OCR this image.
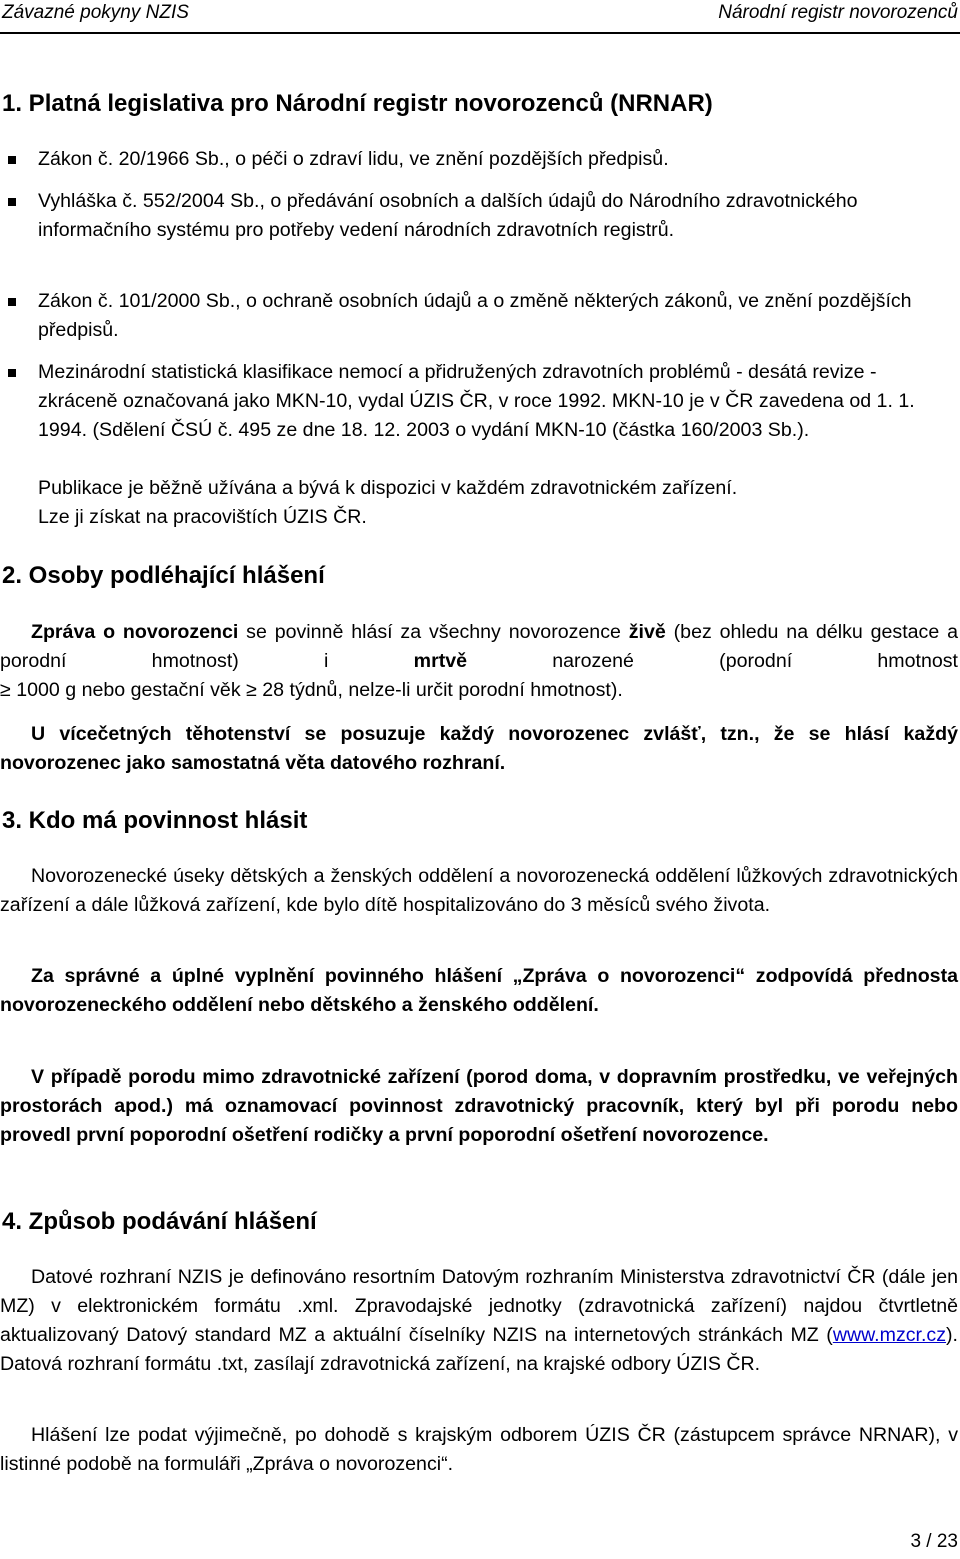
Závazné pokyny NZIS	Národní registr novorozenců
1. Platná legislativa pro Národní registr novorozenců (NRNAR)
Zákon č. 20/1966 Sb., o péči o zdraví lidu, ve znění pozdějších předpisů.
Vyhláška č. 552/2004 Sb., o předávání osobních a dalších údajů do Národního zdravotnického informačního systému pro potřeby vedení národních zdravotních registrů.
Zákon č. 101/2000 Sb., o ochraně osobních údajů a o změně některých zákonů, ve znění pozdějších předpisů.
Mezinárodní statistická klasifikace nemocí a přidružených zdravotních problémů - desátá revize - zkráceně označovaná jako MKN-10, vydal ÚZIS ČR, v roce 1992. MKN-10 je v ČR zavedena od 1. 1. 1994. (Sdělení ČSÚ č. 495 ze dne 18. 12. 2003 o vydání MKN-10 (částka 160/2003 Sb.).
Publikace je běžně užívána a bývá k dispozici v každém zdravotnickém zařízení.
Lze ji získat na pracovištích ÚZIS ČR.
2. Osoby podléhající hlášení
Zpráva o novorozenci se povinně hlásí za všechny novorozence živě (bez ohledu na délku gestace a porodní hmotnost) i mrtvě narozené (porodní hmotnost
≥ 1000 g nebo gestační věk ≥ 28 týdnů, nelze-li určit porodní hmotnost).
U vícečetných těhotenství se posuzuje každý novorozenec zvlášť, tzn., že se hlásí každý novorozenec jako samostatná věta datového rozhraní.
3. Kdo má povinnost hlásit
Novorozenecké úseky dětských a ženských oddělení a novorozenecká oddělení lůžkových zdravotnických zařízení a dále lůžková zařízení, kde bylo dítě hospitalizováno do 3 měsíců svého života.
Za správné a úplné vyplnění povinného hlášení „Zpráva o novorozenci“ zodpovídá přednosta novorozeneckého oddělení nebo dětského a ženského oddělení.
V případě porodu mimo zdravotnické zařízení (porod doma, v dopravním prostředku, ve veřejných prostorách apod.) má oznamovací povinnost zdravotnický pracovník, který byl při porodu nebo provedl první poporodní ošetření rodičky a první poporodní ošetření novorozence.
4. Způsob podávání hlášení
Datové rozhraní NZIS je definováno resortním Datovým rozhraním Ministerstva zdravotnictví ČR (dále jen MZ) v elektronickém formátu .xml. Zpravodajské jednotky (zdravotnická zařízení) najdou čtvrtletně aktualizovaný Datový standard MZ a aktuální číselníky NZIS na internetových stránkách MZ (www.mzcr.cz). Datová rozhraní formátu .txt, zasílají zdravotnická zařízení, na krajské odbory ÚZIS ČR.
Hlášení lze podat výjimečně, po dohodě s krajským odborem ÚZIS ČR (zástupcem správce NRNAR), v listinné podobě na formuláři „Zpráva o novorozenci“.
3 / 23
